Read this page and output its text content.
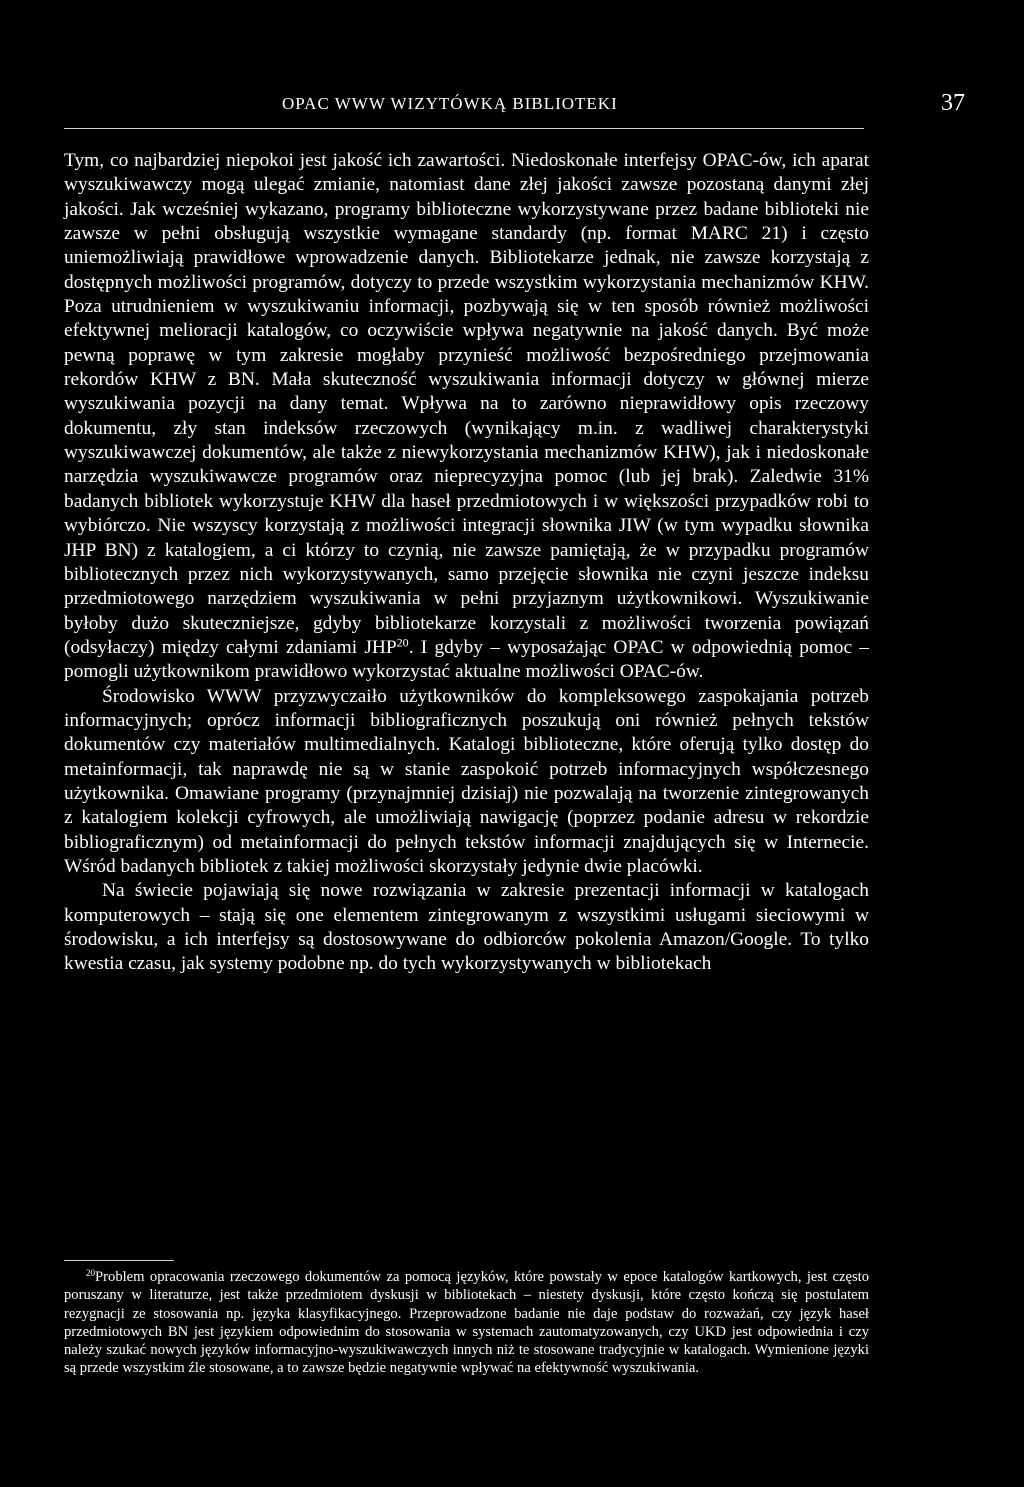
OPAC WWW WIZYTÓWKĄ BIBLIOTEKI	37

Tym, co najbardziej niepokoi jest jakość ich zawartości. Niedoskonałe interfejsy OPAC-ów, ich aparat wyszukiwawczy mogą ulegać zmianie, natomiast dane złej jakości zawsze pozostaną danymi złej jakości. Jak wcześniej wykazano, programy biblioteczne wykorzystywane przez badane biblioteki nie zawsze w pełni obsługują wszystkie wymagane standardy (np. format MARC 21) i często uniemożliwiają prawidłowe wprowadzenie danych. Bibliotekarze jednak, nie zawsze korzystają z dostępnych możliwości programów, dotyczy to przede wszystkim wykorzystania mechanizmów KHW. Poza utrudnieniem w wyszukiwaniu informacji, pozbywają się w ten sposób również możliwości efektywnej melioracji katalogów, co oczywiście wpływa negatywnie na jakość danych. Być może pewną poprawę w tym zakresie mogłaby przynieść możliwość bezpośredniego przejmowania rekordów KHW z BN. Mała skuteczność wyszukiwania informacji dotyczy w głównej mierze wyszukiwania pozycji na dany temat. Wpływa na to zarówno nieprawidłowy opis rzeczowy dokumentu, zły stan indeksów rzeczowych (wynikający m.in. z wadliwej charakterystyki wyszukiwawczej dokumentów, ale także z niewykorzystania mechanizmów KHW), jak i niedoskonałe narzędzia wyszukiwawcze programów oraz nieprecyzyjna pomoc (lub jej brak). Zaledwie 31% badanych bibliotek wykorzystuje KHW dla haseł przedmiotowych i w większości przypadków robi to wybiórczo. Nie wszyscy korzystają z możliwości integracji słownika JIW (w tym wypadku słownika JHP BN) z katalogiem, a ci którzy to czynią, nie zawsze pamiętają, że w przypadku programów bibliotecznych przez nich wykorzystywanych, samo przejęcie słownika nie czyni jeszcze indeksu przedmiotowego narzędziem wyszukiwania w pełni przyjaznym użytkownikowi. Wyszukiwanie byłoby dużo skuteczniejsze, gdyby bibliotekarze korzystali z możliwości tworzenia powiązań (odsyłaczy) między całymi zdaniami JHP$^{20}$. I gdyby – wyposażając OPAC w odpowiednią pomoc – pomogli użytkownikom prawidłowo wykorzystać aktualne możliwości OPAC-ów.

Środowisko WWW przyzwyczaiło użytkowników do kompleksowego zaspokajania potrzeb informacyjnych; oprócz informacji bibliograficznych poszukują oni również pełnych tekstów dokumentów czy materiałów multimedialnych. Katalogi biblioteczne, które oferują tylko dostęp do metainformacji, tak naprawdę nie są w stanie zaspokoić potrzeb informacyjnych współczesnego użytkownika. Omawiane programy (przynajmniej dzisiaj) nie pozwalają na tworzenie zintegrowanych z katalogiem kolekcji cyfrowych, ale umożliwiają nawigację (poprzez podanie adresu w rekordzie bibliograficznym) od metainformacji do pełnych tekstów informacji znajdujących się w Internecie. Wśród badanych bibliotek z takiej możliwości skorzystały jedynie dwie placówki.

Na świecie pojawiają się nowe rozwiązania w zakresie prezentacji informacji w katalogach komputerowych – stają się one elementem zintegrowanym z wszystkimi usługami sieciowymi w środowisku, a ich interfejsy są dostosowywane do odbiorców pokolenia Amazon/Google. To tylko kwestia czasu, jak systemy podobne np. do tych wykorzystywanych w bibliotekach

$^{20}$Problem opracowania rzeczowego dokumentów za pomocą języków, które powstały w epoce katalogów kartkowych, jest często poruszany w literaturze, jest także przedmiotem dyskusji w bibliotekach – niestety dyskusji, które często kończą się postulatem rezygnacji ze stosowania np. języka klasyfikacyjnego. Przeprowadzone badanie nie daje podstaw do rozważań, czy język haseł przedmiotowych BN jest językiem odpowiednim do stosowania w systemach zautomatyzowanych, czy UKD jest odpowiednia i czy należy szukać nowych języków informacyjno-wyszukiwawczych innych niż te stosowane tradycyjnie w katalogach. Wymienione języki są przede wszystkim źle stosowane, a to zawsze będzie negatywnie wpływać na efektywność wyszukiwania.
